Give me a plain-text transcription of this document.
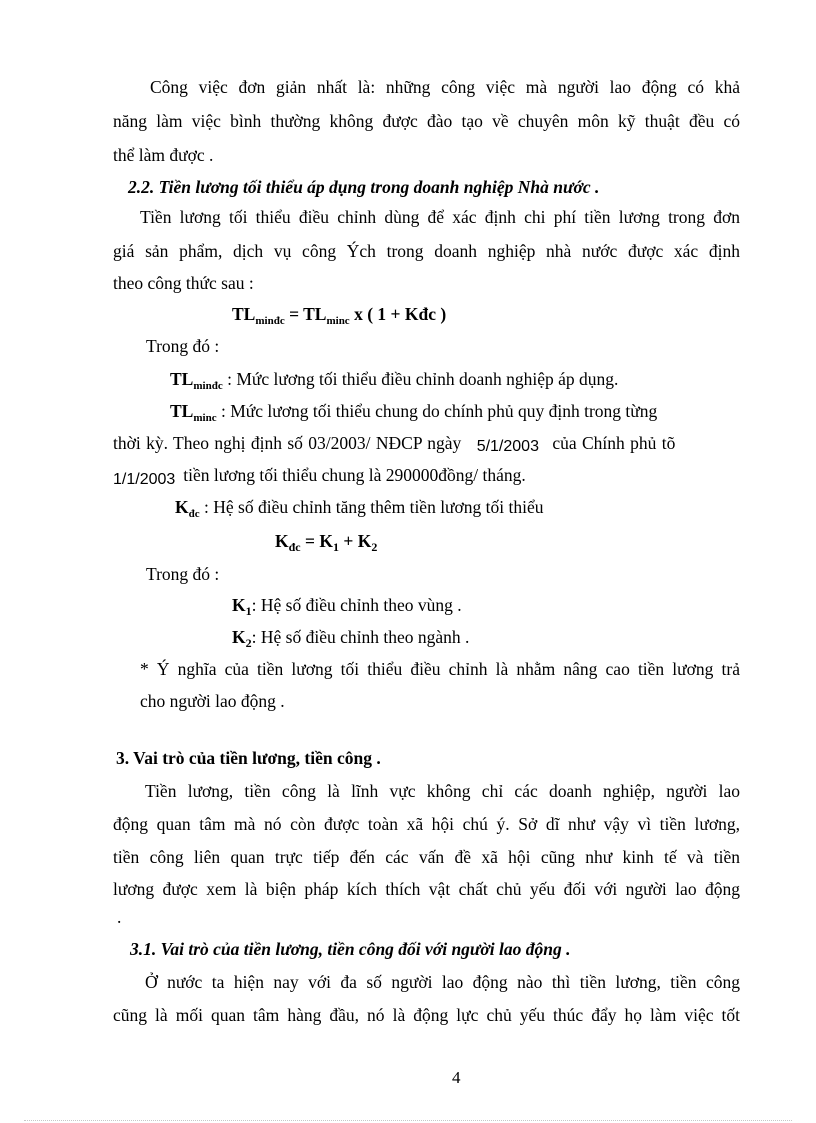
Công việc đơn giản nhất là: những công việc mà người lao động có khả
năng làm việc bình thường không được đào tạo về chuyên môn kỹ thuật đều có
thể làm được .
2.2. Tiền lương tối thiểu áp dụng trong doanh nghiệp Nhà nước .
Tiền lương tối thiểu điều chỉnh dùng để xác định chi phí tiền lương trong đơn
giá sản phẩm, dịch vụ công Ých trong doanh nghiệp nhà nước được xác định
theo công thức sau :
$TL_{minđc} = TL_{minc}$ x ( 1 + Kđc )
Trong đó :
$TL_{minđc}$ : Mức lương tối thiểu điều chỉnh doanh nghiệp áp dụng.
$TL_{minc}$ : Mức lương tối thiểu chung do chính phủ quy định trong từng
thời kỳ. Theo nghị định số 03/2003/ NĐCP ngày 5/1/2003 của Chính phủ tõ
1/1/2003 tiền lương tối thiểu chung là 290000đồng/ tháng.
$K_{đc}$ : Hệ số điều chỉnh tăng thêm tiền lương tối thiểu
$K_{đc} = K_1 + K_2$
Trong đó :
$K_1$: Hệ số điều chỉnh theo vùng .
$K_2$: Hệ số điều chỉnh theo ngành .
* Ý nghĩa của tiền lương tối thiểu điều chỉnh là nhằm nâng cao tiền lương trả
cho người lao động .
3. Vai trò của tiền lương, tiền công .
Tiền lương, tiền công là lĩnh vực không chỉ các doanh nghiệp, người lao
động quan tâm mà nó còn được toàn xã hội chú ý. Sở dĩ như vậy vì tiền lương,
tiền công liên quan trực tiếp đến các vấn đề xã hội cũng như kinh tế và tiền
lương được xem là biện pháp kích thích vật chất chủ yếu đối với người lao động
.
3.1. Vai trò của tiền lương, tiền công đối với người lao động .
Ở nước ta hiện nay với đa số người lao động nào thì tiền lương, tiền công
cũng là mối quan tâm hàng đầu, nó là động lực chủ yếu thúc đẩy họ làm việc tốt
4
